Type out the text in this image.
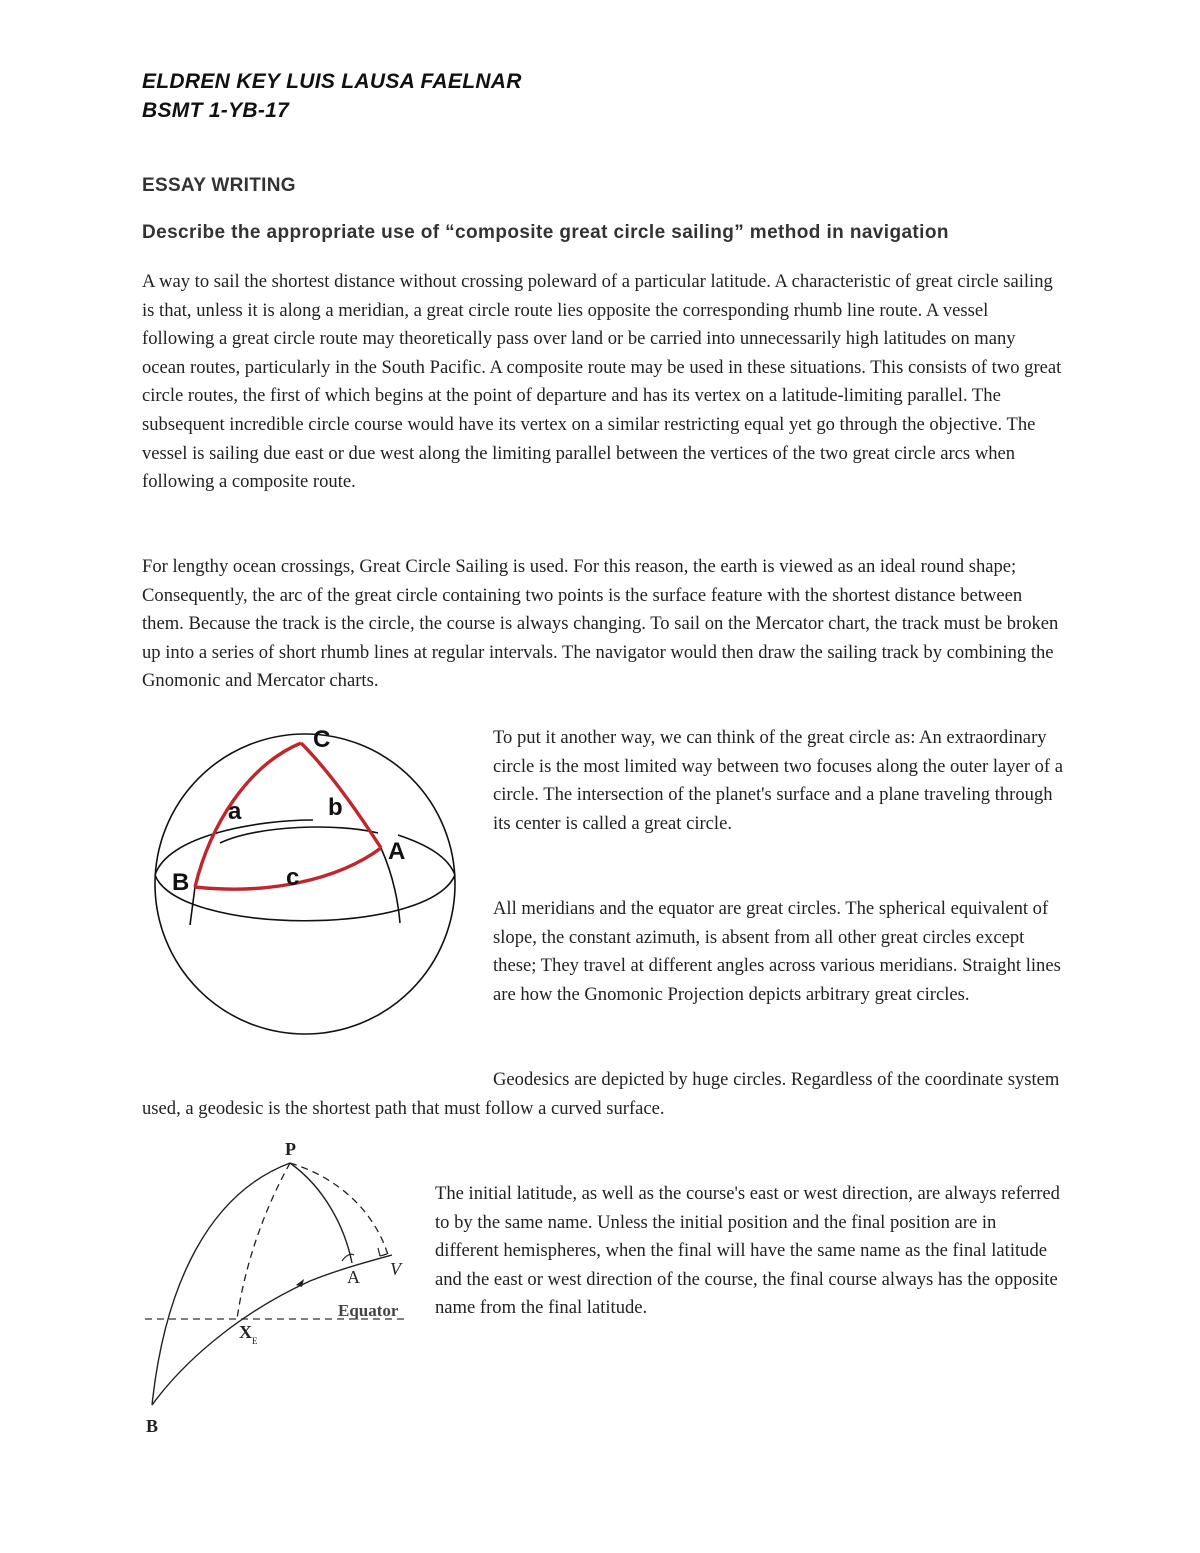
ELDREN KEY LUIS LAUSA FAELNAR
BSMT 1-YB-17
ESSAY WRITING
Describe the appropriate use of “composite great circle sailing” method in navigation

A way to sail the shortest distance without crossing poleward of a particular latitude. A characteristic of great circle sailing is that, unless it is along a meridian, a great circle route lies opposite the corresponding rhumb line route. A vessel following a great circle route may theoretically pass over land or be carried into unnecessarily high latitudes on many ocean routes, particularly in the South Pacific. A composite route may be used in these situations. This consists of two great circle routes, the first of which begins at the point of departure and has its vertex on a latitude-limiting parallel. The subsequent incredible circle course would have its vertex on a similar restricting equal yet go through the objective. The vessel is sailing due east or due west along the limiting parallel between the vertices of the two great circle arcs when following a composite route.

For lengthy ocean crossings, Great Circle Sailing is used. For this reason, the earth is viewed as an ideal round shape; Consequently, the arc of the great circle containing two points is the surface feature with the shortest distance between them. Because the track is the circle, the course is always changing. To sail on the Mercator chart, the track must be broken up into a series of short rhumb lines at regular intervals. The navigator would then draw the sailing track by combining the Gnomonic and Mercator charts.

C
A
B
a	b
c

To put it another way, we can think of the great circle as: An extraordinary circle is the most limited way between two focuses along the outer layer of a circle. The intersection of the planet's surface and a plane traveling through its center is called a great circle.

All meridians and the equator are great circles. The spherical equivalent of slope, the constant azimuth, is absent from all other great circles except these; They travel at different angles across various meridians. Straight lines are how the Gnomonic Projection depicts arbitrary great circles.

Geodesics are depicted by huge circles. Regardless of the coordinate system used, a geodesic is the shortest path that must follow a curved surface.

P
A V
Equator
X E
B

The initial latitude, as well as the course's east or west direction, are always referred to by the same name. Unless the initial position and the final position are in different hemispheres, when the final will have the same name as the final latitude and the east or west direction of the course, the final course always has the opposite name from the final latitude.
